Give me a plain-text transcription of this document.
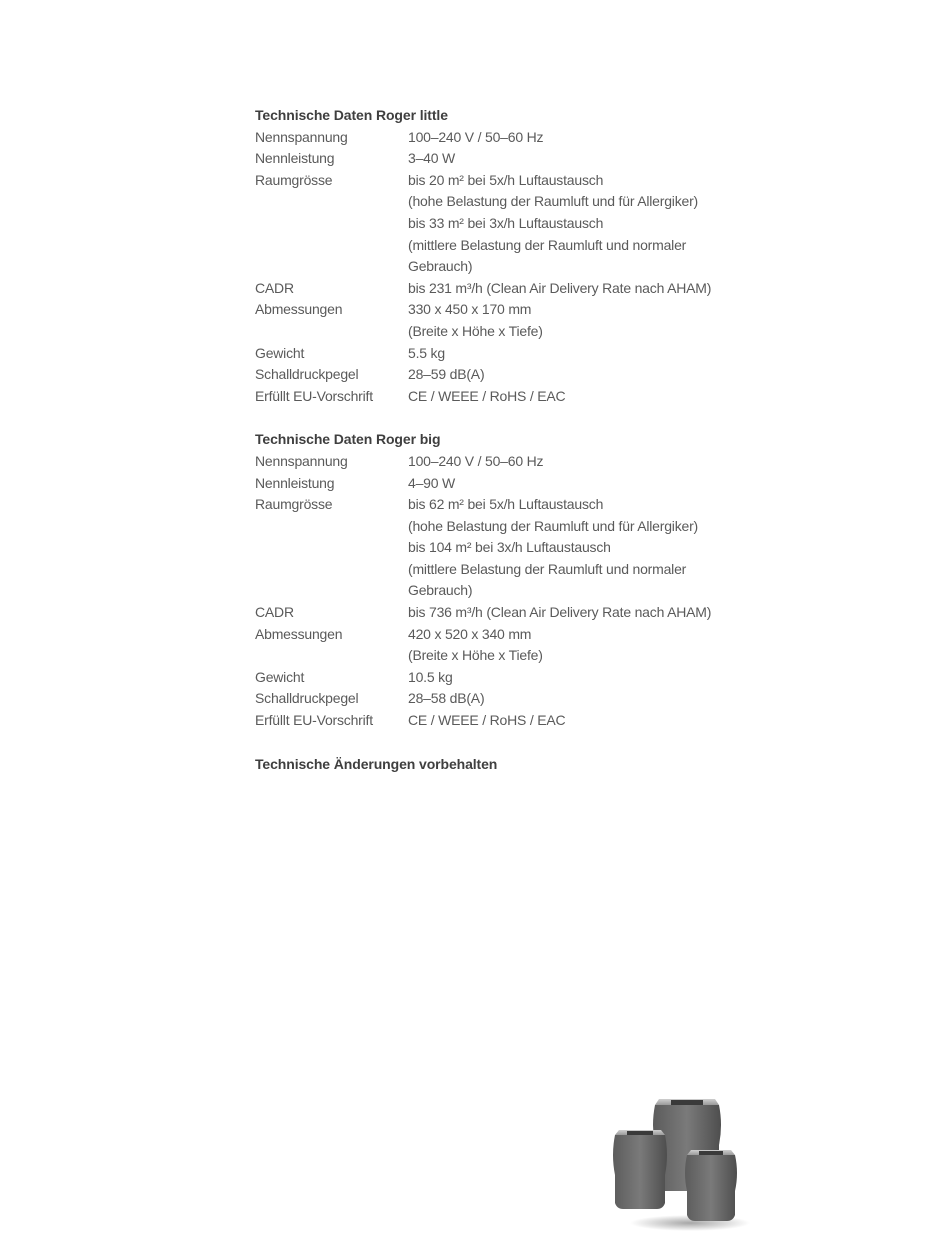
Technische Daten Roger little
Nennspannung	100–240 V / 50–60 Hz
Nennleistung	3–40 W
Raumgrösse	bis 20 m² bei 5x/h Luftaustausch
(hohe Belastung der Raumluft und für Allergiker)
bis 33 m² bei 3x/h Luftaustausch
(mittlere Belastung der Raumluft und normaler
Gebrauch)
CADR	bis 231 m³/h (Clean Air Delivery Rate nach AHAM)
Abmessungen	330 x 450 x 170 mm
(Breite x Höhe x Tiefe)
Gewicht	5.5 kg
Schalldruckpegel	28–59 dB(A)
Erfüllt EU-Vorschrift	CE / WEEE / RoHS / EAC
Technische Daten Roger big
Nennspannung	100–240 V / 50–60 Hz
Nennleistung	4–90 W
Raumgrösse	bis 62 m² bei 5x/h Luftaustausch
(hohe Belastung der Raumluft und für Allergiker)
bis 104 m² bei 3x/h Luftaustausch
(mittlere Belastung der Raumluft und normaler
Gebrauch)
CADR	bis 736 m³/h (Clean Air Delivery Rate nach AHAM)
Abmessungen	420 x 520 x 340 mm
(Breite x Höhe x Tiefe)
Gewicht	10.5 kg
Schalldruckpegel	28–58 dB(A)
Erfüllt EU-Vorschrift	CE / WEEE / RoHS / EAC
Technische Änderungen vorbehalten
